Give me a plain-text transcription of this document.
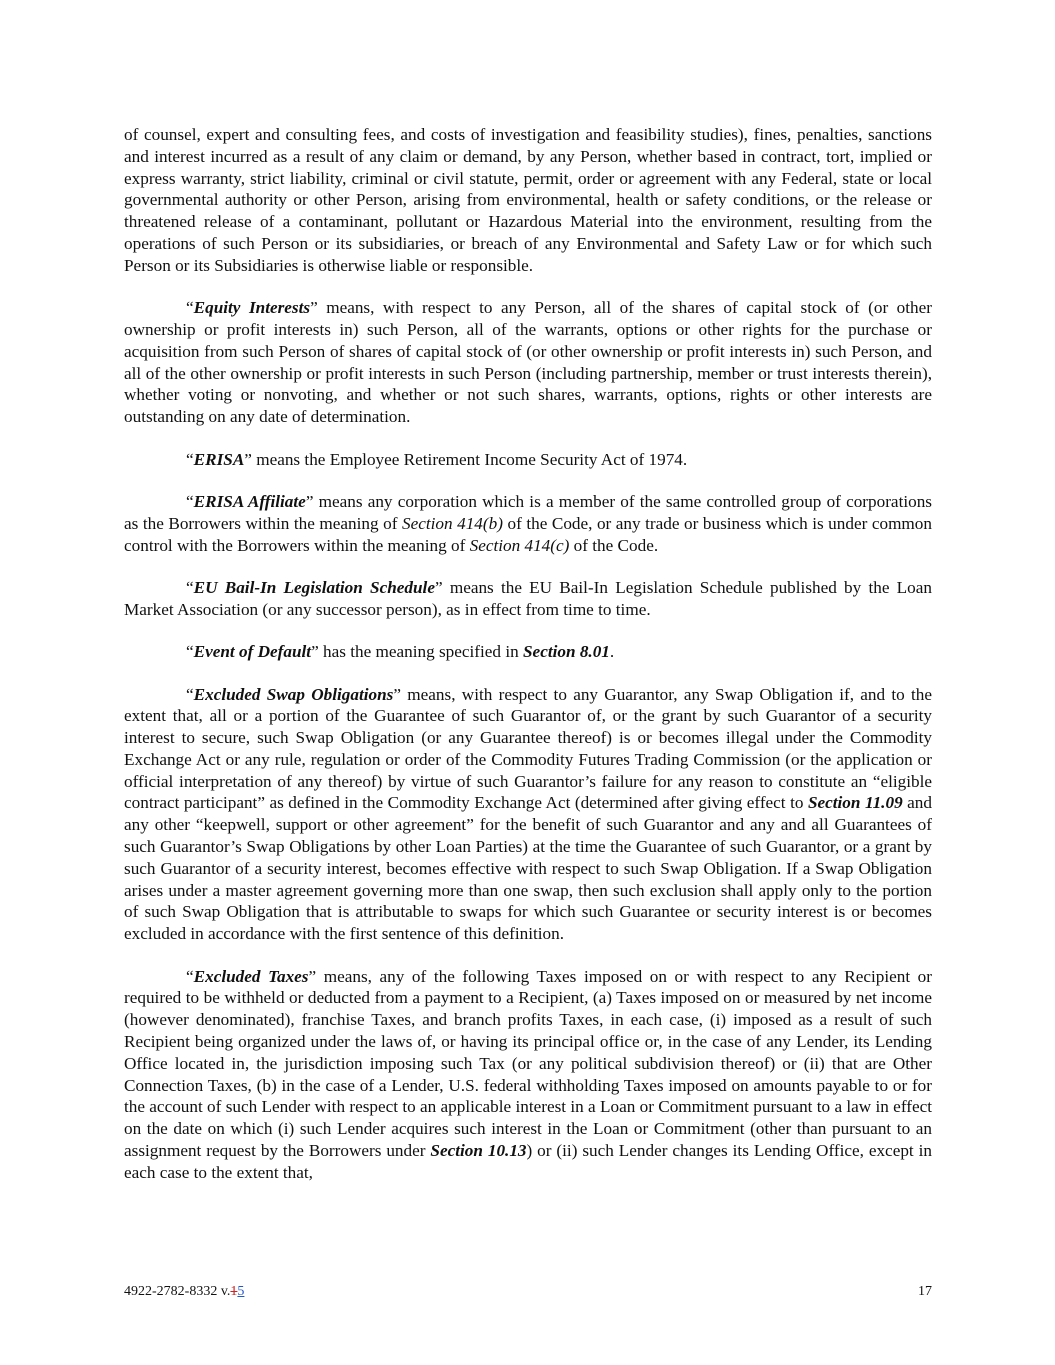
of counsel, expert and consulting fees, and costs of investigation and feasibility studies), fines, penalties, sanctions and interest incurred as a result of any claim or demand, by any Person, whether based in contract, tort, implied or express warranty, strict liability, criminal or civil statute, permit, order or agreement with any Federal, state or local governmental authority or other Person, arising from environmental, health or safety conditions, or the release or threatened release of a contaminant, pollutant or Hazardous Material into the environment, resulting from the operations of such Person or its subsidiaries, or breach of any Environmental and Safety Law or for which such Person or its Subsidiaries is otherwise liable or responsible.

“Equity Interests” means, with respect to any Person, all of the shares of capital stock of (or other ownership or profit interests in) such Person, all of the warrants, options or other rights for the purchase or acquisition from such Person of shares of capital stock of (or other ownership or profit interests in) such Person, and all of the other ownership or profit interests in such Person (including partnership, member or trust interests therein), whether voting or nonvoting, and whether or not such shares, warrants, options, rights or other interests are outstanding on any date of determination.

“ERISA” means the Employee Retirement Income Security Act of 1974.

“ERISA Affiliate” means any corporation which is a member of the same controlled group of corporations as the Borrowers within the meaning of Section 414(b) of the Code, or any trade or business which is under common control with the Borrowers within the meaning of Section 414(c) of the Code.

“EU Bail-In Legislation Schedule” means the EU Bail-In Legislation Schedule published by the Loan Market Association (or any successor person), as in effect from time to time.

“Event of Default” has the meaning specified in Section 8.01.

“Excluded Swap Obligations” means, with respect to any Guarantor, any Swap Obligation if, and to the extent that, all or a portion of the Guarantee of such Guarantor of, or the grant by such Guarantor of a security interest to secure, such Swap Obligation (or any Guarantee thereof) is or becomes illegal under the Commodity Exchange Act or any rule, regulation or order of the Commodity Futures Trading Commission (or the application or official interpretation of any thereof) by virtue of such Guarantor’s failure for any reason to constitute an “eligible contract participant” as defined in the Commodity Exchange Act (determined after giving effect to Section 11.09 and any other “keepwell, support or other agreement” for the benefit of such Guarantor and any and all Guarantees of such Guarantor’s Swap Obligations by other Loan Parties) at the time the Guarantee of such Guarantor, or a grant by such Guarantor of a security interest, becomes effective with respect to such Swap Obligation. If a Swap Obligation arises under a master agreement governing more than one swap, then such exclusion shall apply only to the portion of such Swap Obligation that is attributable to swaps for which such Guarantee or security interest is or becomes excluded in accordance with the first sentence of this definition.

“Excluded Taxes” means, any of the following Taxes imposed on or with respect to any Recipient or required to be withheld or deducted from a payment to a Recipient, (a) Taxes imposed on or measured by net income (however denominated), franchise Taxes, and branch profits Taxes, in each case, (i) imposed as a result of such Recipient being organized under the laws of, or having its principal office or, in the case of any Lender, its Lending Office located in, the jurisdiction imposing such Tax (or any political subdivision thereof) or (ii) that are Other Connection Taxes, (b) in the case of a Lender, U.S. federal withholding Taxes imposed on amounts payable to or for the account of such Lender with respect to an applicable interest in a Loan or Commitment pursuant to a law in effect on the date on which (i) such Lender acquires such interest in the Loan or Commitment (other than pursuant to an assignment request by the Borrowers under Section 10.13) or (ii) such Lender changes its Lending Office, except in each case to the extent that,

4922-2782-8332 v.15	17
